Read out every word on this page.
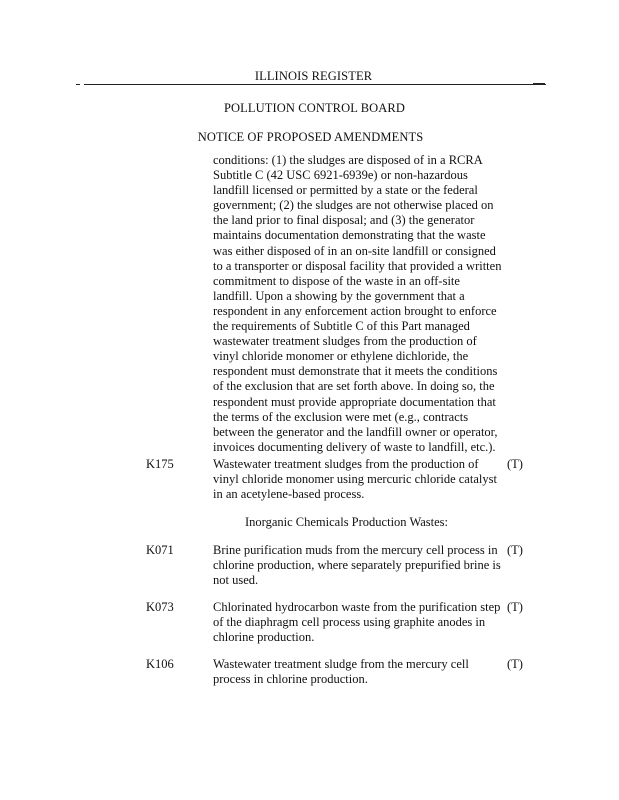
ILLINOIS REGISTER
POLLUTION CONTROL BOARD
NOTICE OF PROPOSED AMENDMENTS
conditions: (1) the sludges are disposed of in a RCRA
Subtitle C (42 USC 6921-6939e) or non-hazardous
landfill licensed or permitted by a state or the federal
government; (2) the sludges are not otherwise placed on
the land prior to final disposal; and (3) the generator
maintains documentation demonstrating that the waste
was either disposed of in an on-site landfill or consigned
to a transporter or disposal facility that provided a written
commitment to dispose of the waste in an off-site
landfill. Upon a showing by the government that a
respondent in any enforcement action brought to enforce
the requirements of Subtitle C of this Part managed
wastewater treatment sludges from the production of
vinyl chloride monomer or ethylene dichloride, the
respondent must demonstrate that it meets the conditions
of the exclusion that are set forth above. In doing so, the
respondent must provide appropriate documentation that
the terms of the exclusion were met (e.g., contracts
between the generator and the landfill owner or operator,
invoices documenting delivery of waste to landfill, etc.).
K175	Wastewater treatment sludges from the production of
vinyl chloride monomer using mercuric chloride catalyst
in an acetylene-based process.
(T)
Inorganic Chemicals Production Wastes:
K071	Brine purification muds from the mercury cell process in
chlorine production, where separately prepurified brine is
not used.
(T)
K073	Chlorinated hydrocarbon waste from the purification step
of the diaphragm cell process using graphite anodes in
chlorine production.
(T)
K106	Wastewater treatment sludge from the mercury cell
process in chlorine production.
(T)
